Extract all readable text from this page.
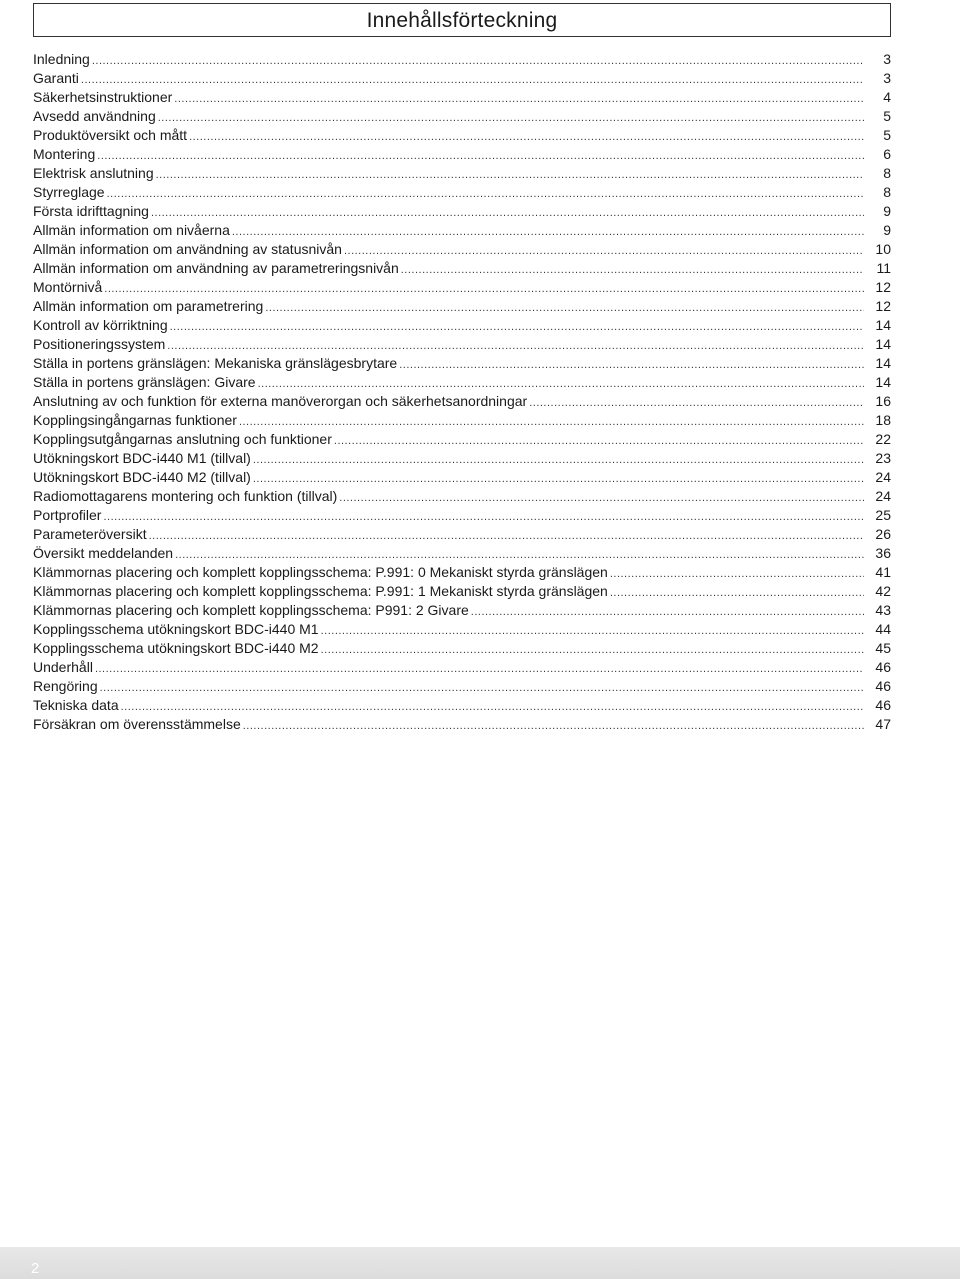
Innehållsförteckning
Inledning .....	3
Garanti .....	3
Säkerhetsinstruktioner .....	4
Avsedd användning .....	5
Produktöversikt och mått .....	5
Montering .....	6
Elektrisk anslutning .....	8
Styrreglage .....	8
Första idrifttagning .....	9
Allmän information om nivåerna .....	9
Allmän information om användning av statusnivån .....	10
Allmän information om användning av parametreringsnivån .....	11
Montörnivå .....	12
Allmän information om parametrering .....	12
Kontroll av körriktning .....	14
Positioneringssystem .....	14
Ställa in portens gränslägen: Mekaniska gränslägesbrytare .....	14
Ställa in portens gränslägen: Givare .....	14
Anslutning av och funktion för externa manöverorgan och säkerhetsanordningar .....	16
Kopplingsingångarnas funktioner .....	18
Kopplingsutgångarnas anslutning och funktioner .....	22
Utökningskort BDC-i440 M1 (tillval) .....	23
Utökningskort BDC-i440 M2 (tillval) .....	24
Radiomottagarens montering och funktion (tillval) .....	24
Portprofiler .....	25
Parameteröversikt .....	26
Översikt meddelanden .....	36
Klämmornas placering och komplett kopplingsschema: P.991: 0 Mekaniskt styrda gränslägen .....	41
Klämmornas placering och komplett kopplingsschema: P.991: 1 Mekaniskt styrda gränslägen .....	42
Klämmornas placering och komplett kopplingsschema: P991: 2 Givare .....	43
Kopplingsschema utökningskort BDC-i440 M1 .....	44
Kopplingsschema utökningskort BDC-i440 M2 .....	45
Underhåll .....	46
Rengöring .....	46
Tekniska data .....	46
Försäkran om överensstämmelse .....	47
2
